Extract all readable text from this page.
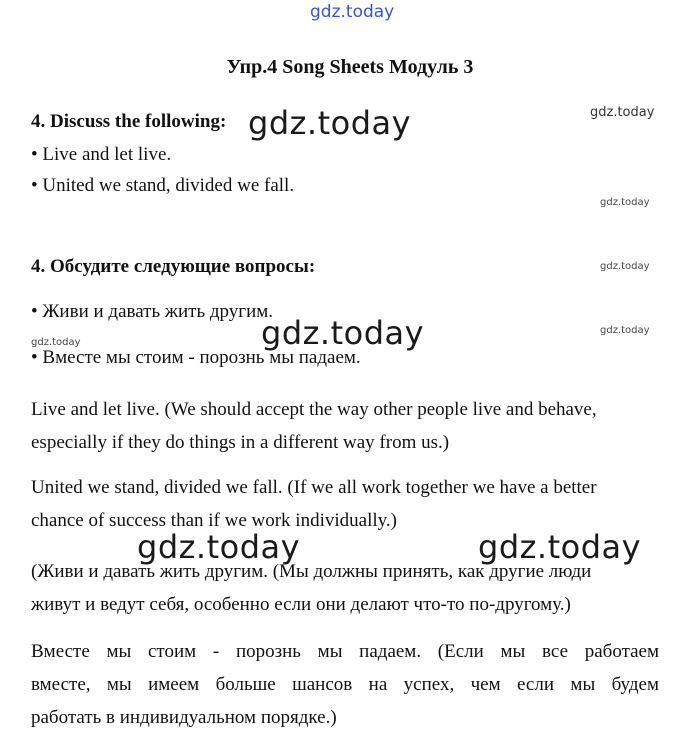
gdz.today
gdz.today	gdz.today
gdz.today
gdz.today
gdz.today
gdz.today	gdz.today
gdz.today	gdz.today
Упр.4 Song Sheets Модуль 3
4. Discuss the following:
• Live and let live.
• United we stand, divided we fall.
4. Обсудите следующие вопросы:
• Живи и давать жить другим.
• Вместе мы стоим - порознь мы падаем.
Live and let live. (We should accept the way other people live and behave,
especially if they do things in a different way from us.)
United we stand, divided we fall. (If we all work together we have a better
chance of success than if we work individually.)
(Живи и давать жить другим. (Мы должны принять, как другие люди
живут и ведут себя, особенно если они делают что-то по-другому.)
Вместе мы стоим - порознь мы падаем. (Если мы все работаем
вместе, мы имеем больше шансов на успех, чем если мы будем
работать в индивидуальном порядке.)
